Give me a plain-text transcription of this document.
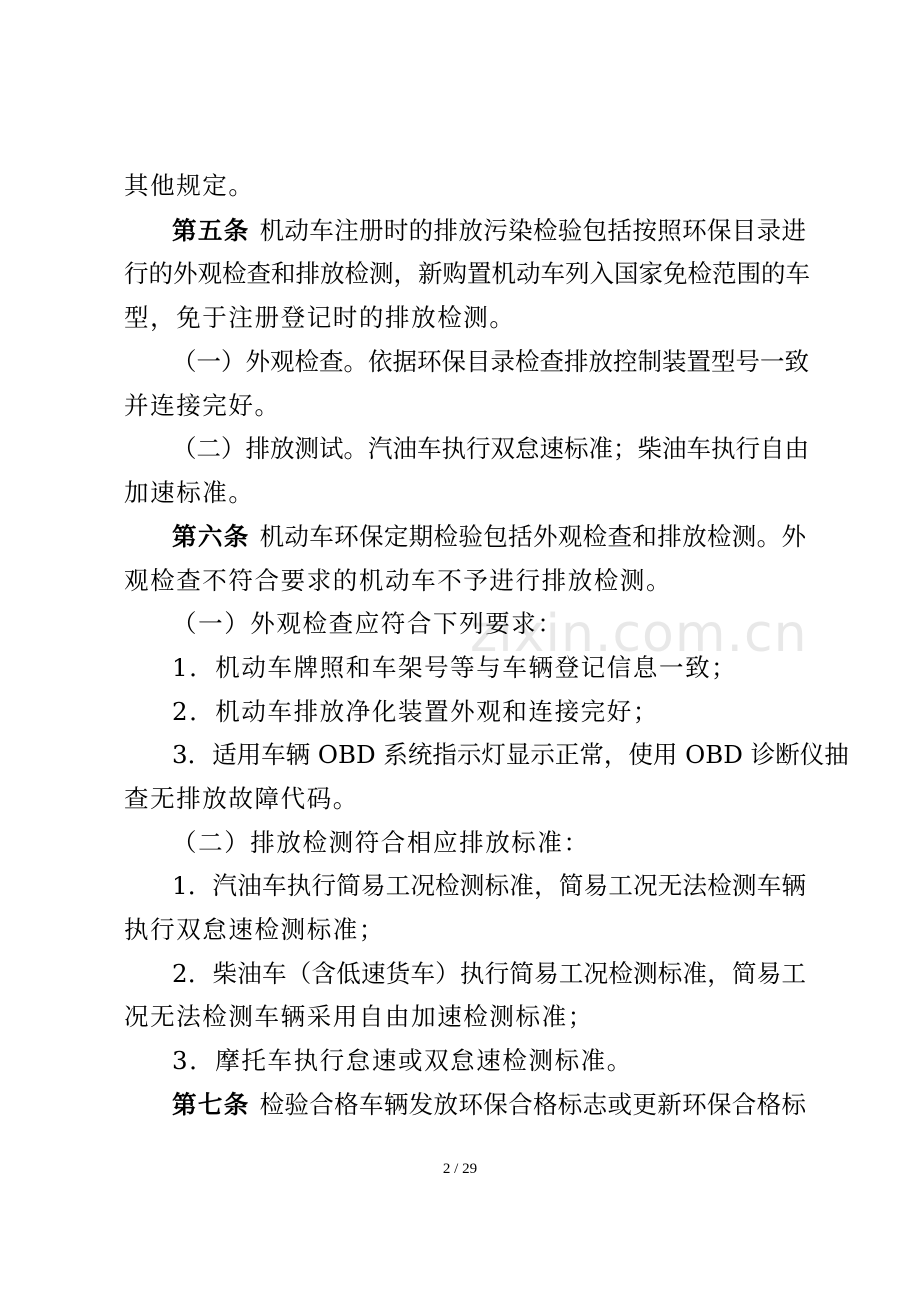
zixin.com.cn
其他规定。
第五条 机动车注册时的排放污染检验包括按照环保目录进
行的外观检查和排放检测，新购置机动车列入国家免检范围的车
型，免于注册登记时的排放检测。
（一）外观检查。依据环保目录检查排放控制装置型号一致
并连接完好。
（二）排放测试。汽油车执行双怠速标准；柴油车执行自由
加速标准。
第六条 机动车环保定期检验包括外观检查和排放检测。外
观检查不符合要求的机动车不予进行排放检测。
（一）外观检查应符合下列要求：
1．机动车牌照和车架号等与车辆登记信息一致；
2．机动车排放净化装置外观和连接完好；
3．适用车辆 OBD 系统指示灯显示正常，使用 OBD 诊断仪抽
查无排放故障代码。
（二）排放检测符合相应排放标准：
1．汽油车执行简易工况检测标准，简易工况无法检测车辆
执行双怠速检测标准；
2．柴油车（含低速货车）执行简易工况检测标准，简易工
况无法检测车辆采用自由加速检测标准；
3．摩托车执行怠速或双怠速检测标准。
第七条 检验合格车辆发放环保合格标志或更新环保合格标
2 / 29
